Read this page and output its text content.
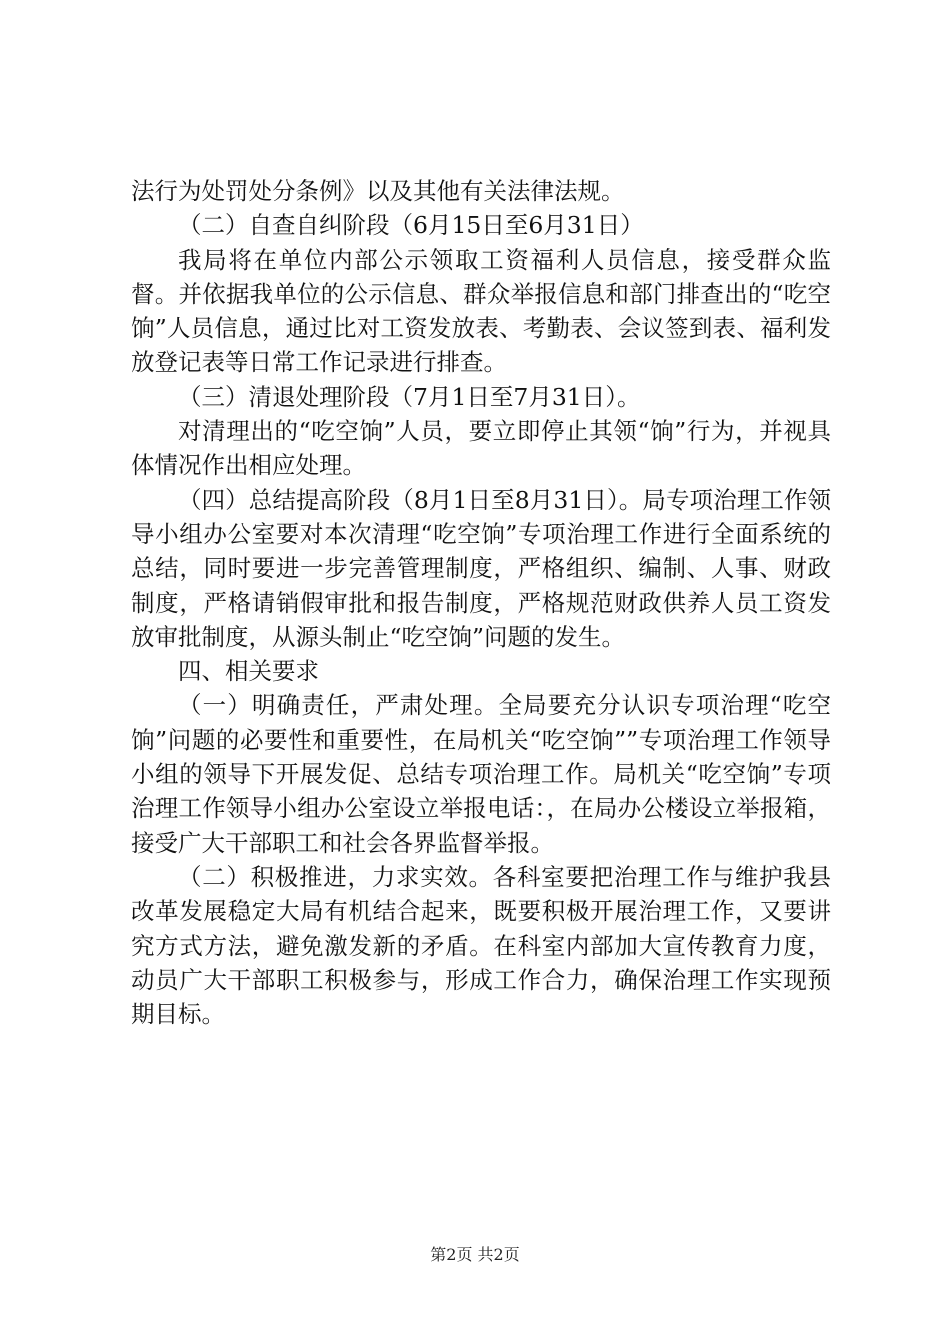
法行为处罚处分条例》以及其他有关法律法规。

（二）自查自纠阶段（6月15日至6月31日）

我局将在单位内部公示领取工资福利人员信息，接受群众监督。并依据我单位的公示信息、群众举报信息和部门排查出的“吃空饷”人员信息，通过比对工资发放表、考勤表、会议签到表、福利发放登记表等日常工作记录进行排查。

（三）清退处理阶段（7月1日至7月31日）。

对清理出的“吃空饷”人员，要立即停止其领“饷”行为，并视具体情况作出相应处理。

（四）总结提高阶段（8月1日至8月31日）。局专项治理工作领导小组办公室要对本次清理“吃空饷”专项治理工作进行全面系统的总结，同时要进一步完善管理制度，严格组织、编制、人事、财政制度，严格请销假审批和报告制度，严格规范财政供养人员工资发放审批制度，从源头制止“吃空饷”问题的发生。

四、相关要求

（一）明确责任，严肃处理。全局要充分认识专项治理“吃空饷”问题的必要性和重要性，在局机关“吃空饷””专项治理工作领导小组的领导下开展发促、总结专项治理工作。局机关“吃空饷”专项治理工作领导小组办公室设立举报电话：，在局办公楼设立举报箱，接受广大干部职工和社会各界监督举报。

（二）积极推进，力求实效。各科室要把治理工作与维护我县改革发展稳定大局有机结合起来，既要积极开展治理工作，又要讲究方式方法，避免激发新的矛盾。在科室内部加大宣传教育力度，动员广大干部职工积极参与，形成工作合力，确保治理工作实现预期目标。

第2页 共2页
